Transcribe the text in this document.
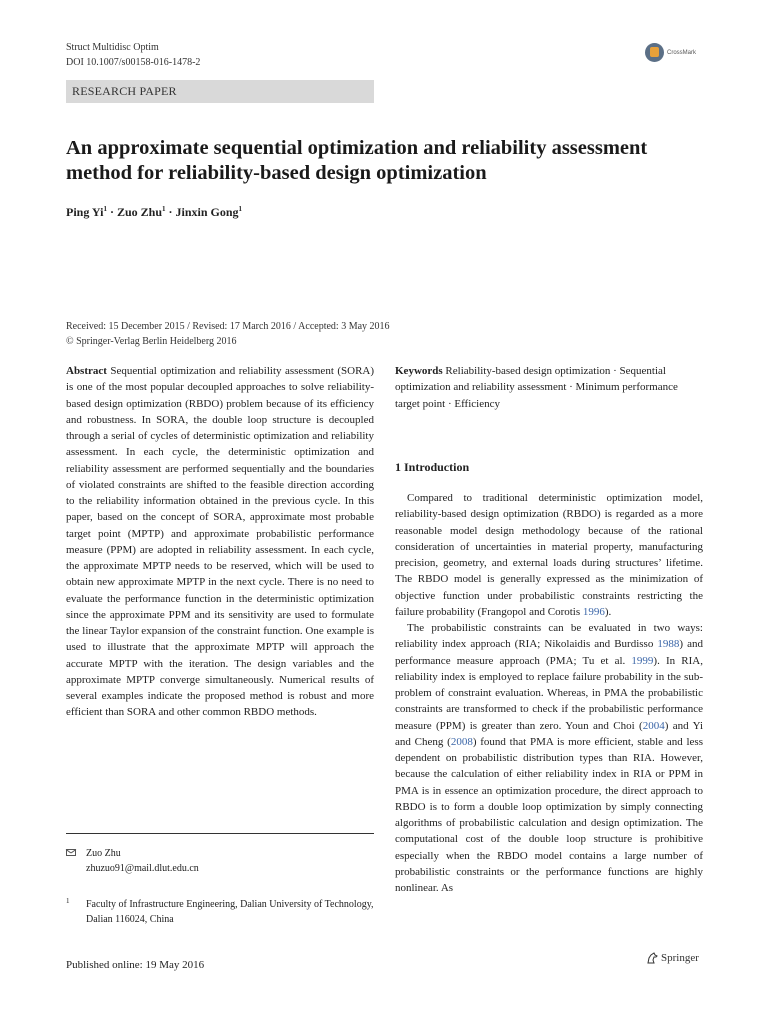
Struct Multidisc Optim
DOI 10.1007/s00158-016-1478-2
CrossMark
RESEARCH PAPER
An approximate sequential optimization and reliability assessment method for reliability-based design optimization
Ping $Yi^1$ · Zuo Zhu$^1$ · Jinxin Gong$^1$
Received: 15 December 2015 / Revised: 17 March 2016 / Accepted: 3 May 2016
© Springer-Verlag Berlin Heidelberg 2016

Abstract Sequential optimization and reliability assessment (SORA) is one of the most popular decoupled approaches to solve reliability-based design optimization (RBDO) problem because of its efficiency and robustness. In SORA, the double loop structure is decoupled through a serial of cycles of deterministic optimization and reliability assessment. In each cycle, the deterministic optimization and reliability assessment are performed sequentially and the boundaries of violated constraints are shifted to the feasible direction according to the reliability information obtained in the previous cycle. In this paper, based on the concept of SORA, approximate most probable target point (MPTP) and approximate probabilistic performance measure (PPM) are adopted in reliability assessment. In each cycle, the approximate MPTP needs to be reserved, which will be used to obtain new approximate MPTP in the next cycle. There is no need to evaluate the performance function in the deterministic optimization since the approximate PPM and its sensitivity are used to formulate the linear Taylor expansion of the constraint function. One example is used to illustrate that the approximate MPTP will approach the accurate MPTP with the iteration. The design variables and the approximate MPTP converge simultaneously. Numerical results of several examples indicate the proposed method is robust and more efficient than SORA and other common RBDO methods.

Keywords Reliability-based design optimization · Sequential optimization and reliability assessment · Minimum performance target point · Efficiency

1 Introduction

Compared to traditional deterministic optimization model, reliability-based design optimization (RBDO) is regarded as a more reasonable model design methodology because of the rational consideration of uncertainties in material property, manufacturing precision, geometry, and external loads during structures’ lifetime. The RBDO model is generally expressed as the minimization of objective function under probabilistic constraints restricting the failure probability (Frangopol and Corotis 1996).

The probabilistic constraints can be evaluated in two ways: reliability index approach (RIA; Nikolaidis and Burdisso 1988) and performance measure approach (PMA; Tu et al. 1999). In RIA, reliability index is employed to replace failure probability in the sub-problem of constraint evaluation. Whereas, in PMA the probabilistic constraints are transformed to check if the probabilistic performance measure (PPM) is greater than zero. Youn and Choi (2004) and Yi and Cheng (2008) found that PMA is more efficient, stable and less dependent on probabilistic distribution types than RIA. However, because the calculation of either reliability index in RIA or PPM in PMA is in essence an optimization procedure, the direct approach to RBDO is to form a double loop optimization by simply connecting algorithms of probabilistic calculation and design optimization. The computational cost of the double loop structure is prohibitive especially when the RBDO model contains a large number of probabilistic constraints or the performance functions are highly nonlinear. As

Zuo Zhu
zhuzuo91@mail.dlut.edu.cn
1	Faculty of Infrastructure Engineering, Dalian University of Technology, Dalian 116024, China
Published online: 19 May 2016
Springer
